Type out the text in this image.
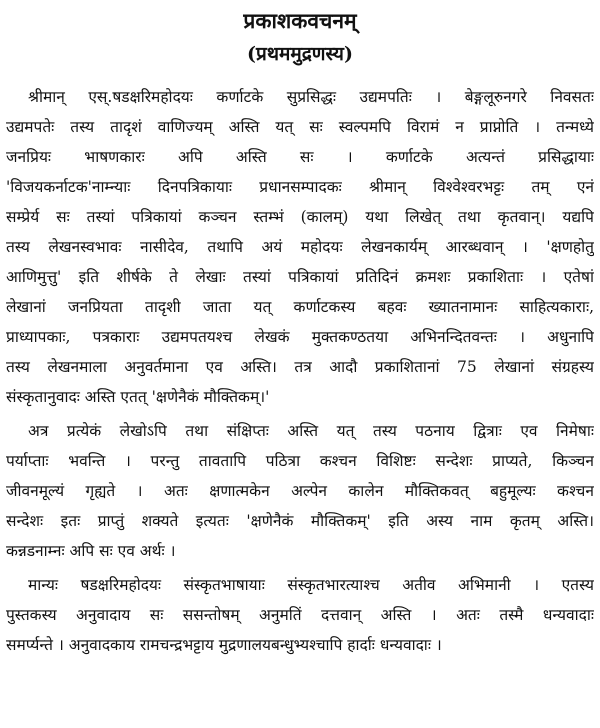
प्रकाशकवचनम्
(प्रथममुद्रणस्य)
श्रीमान् एस्.षडक्षरिमहोदयः कर्णाटके सुप्रसिद्धः उद्यमपतिः । बेङ्गलूरुनगरे निवसतः
उद्यमपतेः तस्य तादृशं वाणिज्यम् अस्ति यत् सः स्वल्पमपि विरामं न प्राप्नोति । तन्मध्ये
जनप्रियः भाषणकारः अपि अस्ति सः । कर्णाटके अत्यन्तं प्रसिद्धायाः
'विजयकर्नाटक'नाम्न्याः दिनपत्रिकायाः प्रधानसम्पादकः श्रीमान् विश्वेश्वरभट्टः तम् एनं
सम्प्रेर्य सः तस्यां पत्रिकायां कञ्चन स्तम्भं (कालम्) यथा लिखेत् तथा कृतवान्। यद्यपि
तस्य लेखनस्वभावः नासीदेव, तथापि अयं महोदयः लेखनकार्यम् आरब्धवान् । 'क्षणहोतु
आणिमुत्तु' इति शीर्षके ते लेखाः तस्यां पत्रिकायां प्रतिदिनं क्रमशः प्रकाशिताः । एतेषां
लेखानां जनप्रियता तादृशी जाता यत् कर्णाटकस्य बहवः ख्यातनामानः साहित्यकाराः,
प्राध्यापकाः, पत्रकाराः उद्यमपतयश्च लेखकं मुक्तकण्ठतया अभिनन्दितवन्तः । अधुनापि
तस्य लेखनमाला अनुवर्तमाना एव अस्ति। तत्र आदौ प्रकाशितानां 75 लेखानां संग्रहस्य
संस्कृतानुवादः अस्ति एतत् 'क्षणेनैकं मौक्तिकम्।'
अत्र प्रत्येकं लेखोऽपि तथा संक्षिप्तः अस्ति यत् तस्य पठनाय द्वित्राः एव निमेषाः
पर्याप्ताः भवन्ति । परन्तु तावतापि पठित्रा कश्चन विशिष्टः सन्देशः प्राप्यते, किञ्चन
जीवनमूल्यं गृह्यते । अतः क्षणात्मकेन अल्पेन कालेन मौक्तिकवत् बहुमूल्यः कश्चन
सन्देशः इतः प्राप्तुं शक्यते इत्यतः 'क्षणेनैकं मौक्तिकम्' इति अस्य नाम कृतम् अस्ति।
कन्नडनाम्नः अपि सः एव अर्थः ।
मान्यः षडक्षरिमहोदयः संस्कृतभाषायाः संस्कृतभारत्याश्च अतीव अभिमानी । एतस्य
पुस्तकस्य अनुवादाय सः ससन्तोषम् अनुमतिं दत्तवान् अस्ति । अतः तस्मै धन्यवादाः
समर्प्यन्ते । अनुवादकाय रामचन्द्रभट्टाय मुद्रणालयबन्धुभ्यश्चापि हार्दाः धन्यवादाः ।
